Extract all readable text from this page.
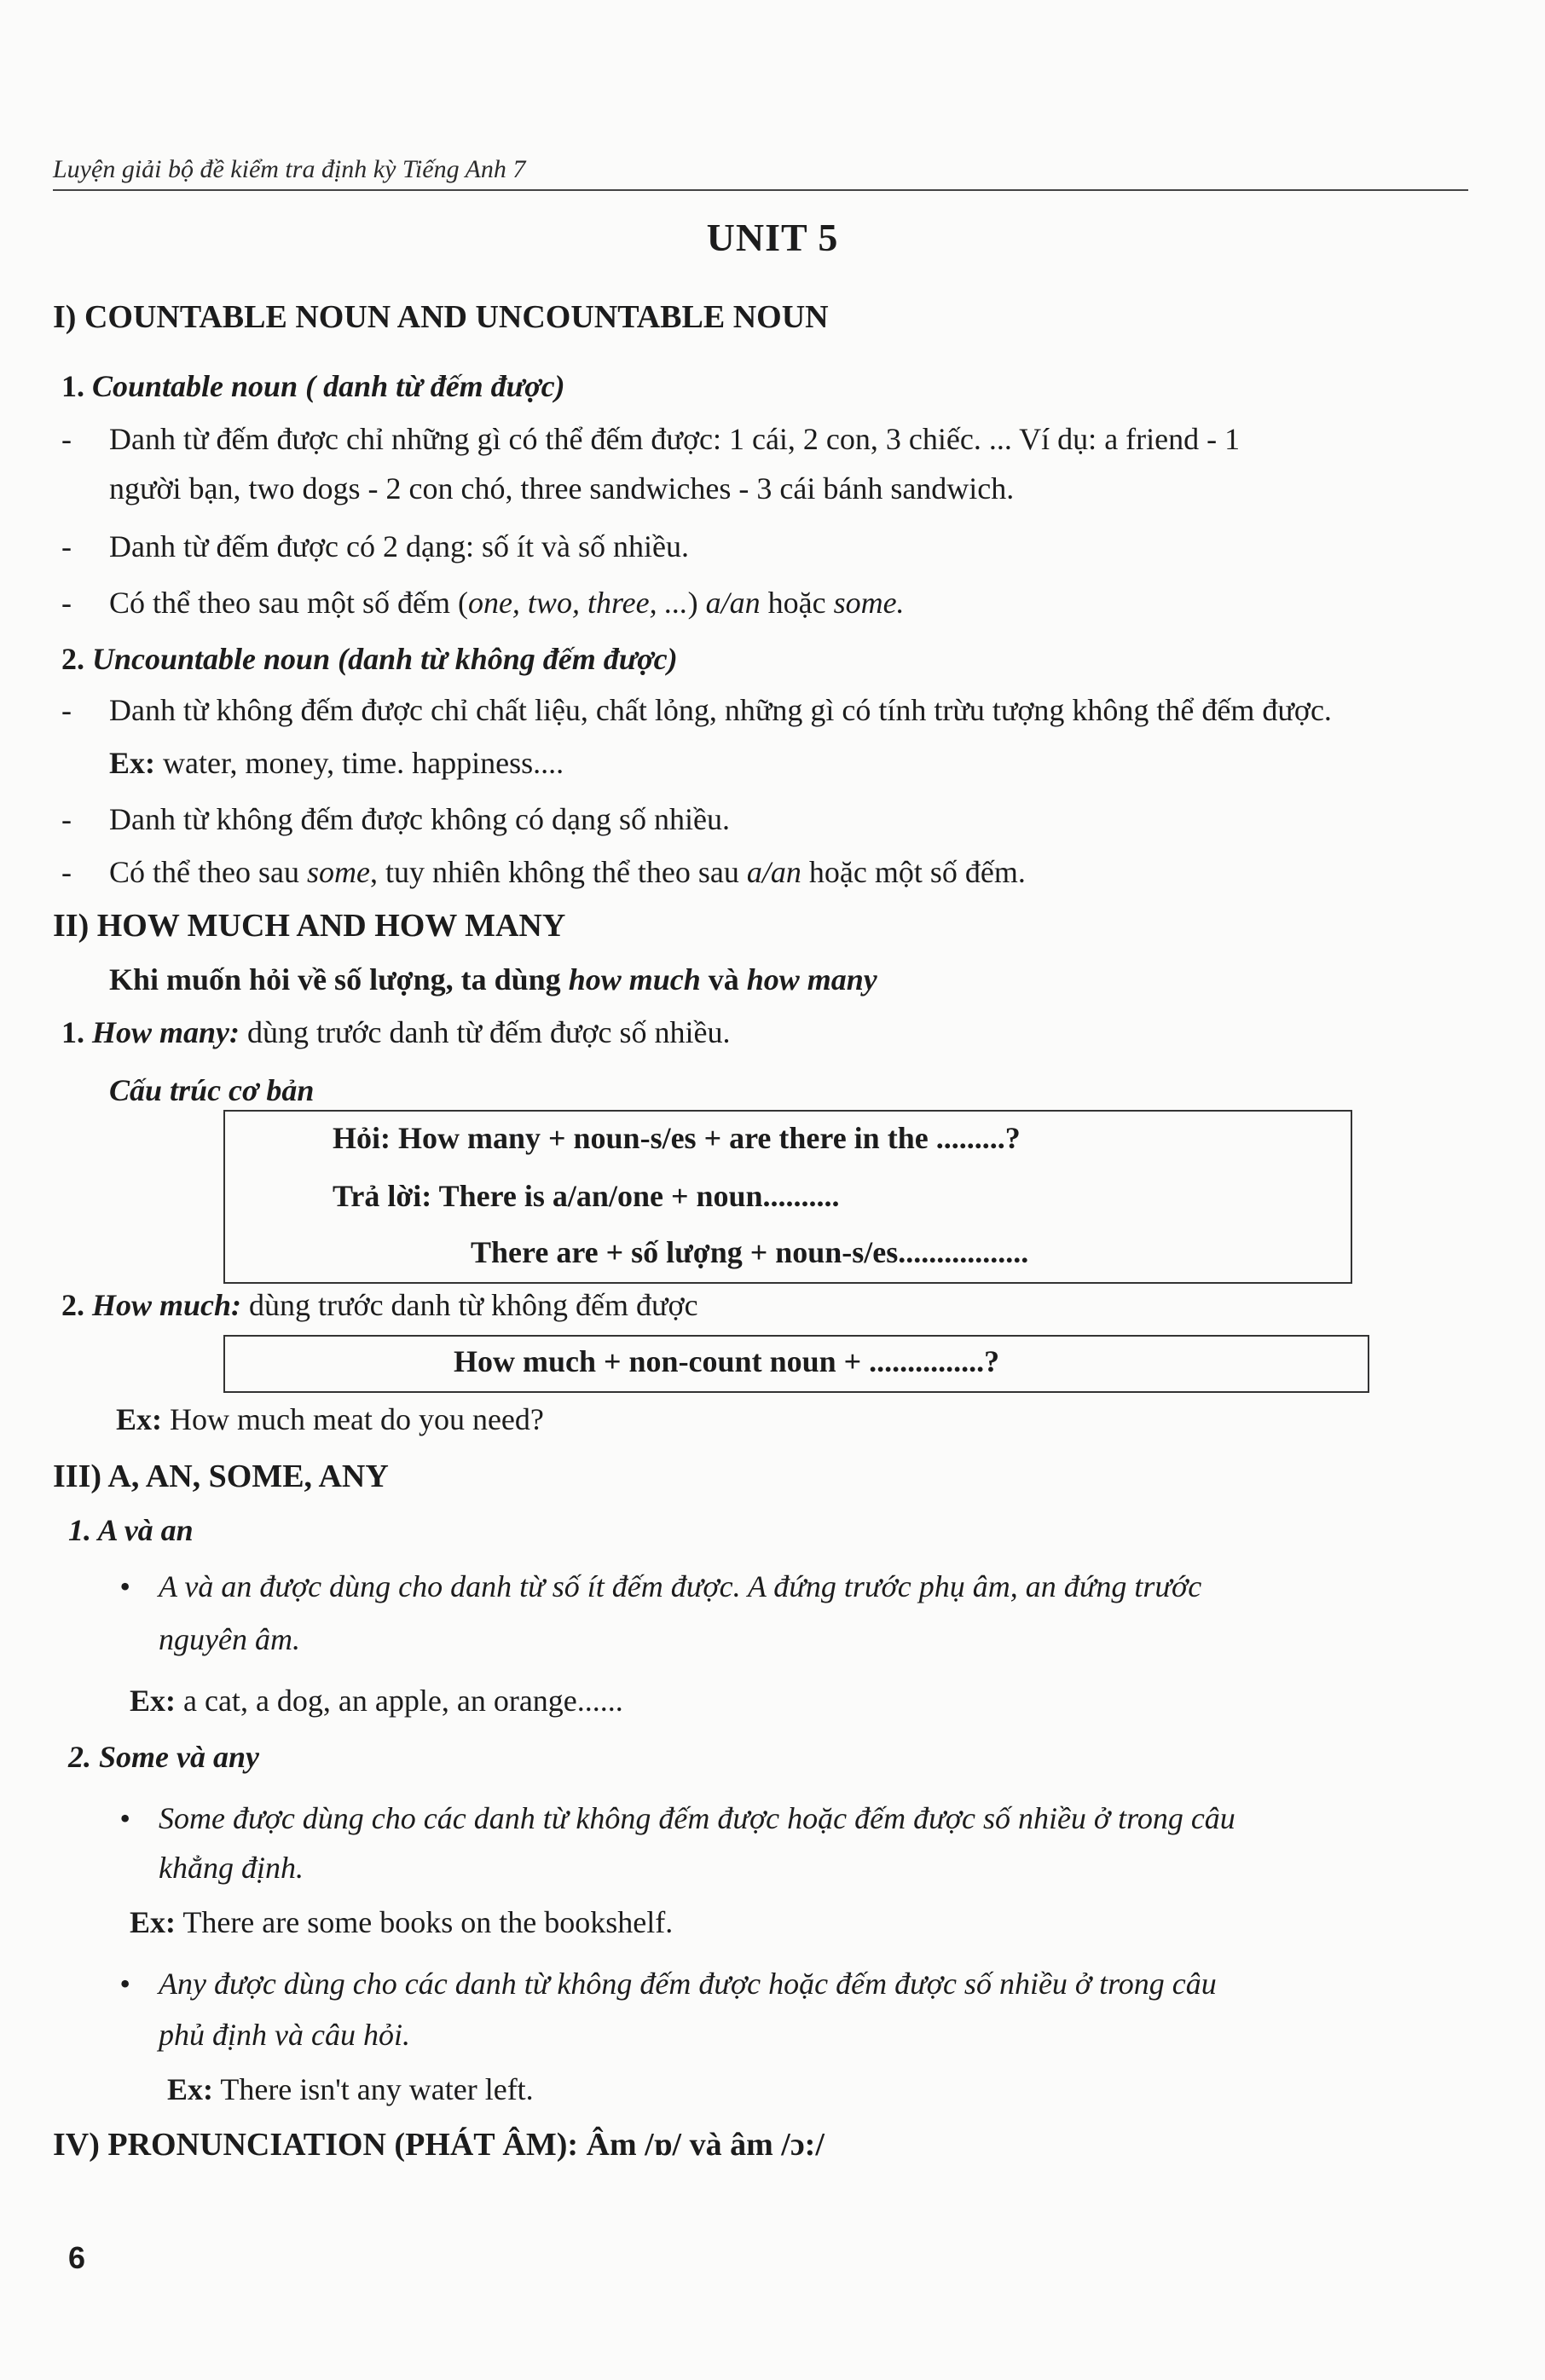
Luyện giải bộ đề kiểm tra định kỳ Tiếng Anh 7
UNIT 5
I) COUNTABLE NOUN AND UNCOUNTABLE NOUN
1. Countable noun ( danh từ đếm được)
- Danh từ đếm được chỉ những gì có thể đếm được: 1 cái, 2 con, 3 chiếc. ... Ví dụ: a friend - 1
người bạn, two dogs - 2 con chó, three sandwiches - 3 cái bánh sandwich.
- Danh từ đếm được có 2 dạng: số ít và số nhiều.
- Có thể theo sau một số đếm (one, two, three, ...) a/an hoặc some.
2. Uncountable noun (danh từ không đếm được)
- Danh từ không đếm được chỉ chất liệu, chất lỏng, những gì có tính trừu tượng không thể đếm được.
Ex: water, money, time. happiness....
- Danh từ không đếm được không có dạng số nhiều.
- Có thể theo sau some, tuy nhiên không thể theo sau a/an hoặc một số đếm.
II) HOW MUCH AND HOW MANY
Khi muốn hỏi về số lượng, ta dùng how much và how many
1. How many: dùng trước danh từ đếm được số nhiều.
Cấu trúc cơ bản
Hỏi: How many + noun-s/es + are there in the .........?
Trả lời: There is a/an/one + noun..........
There are + số lượng + noun-s/es.................
2. How much: dùng trước danh từ không đếm được
How much + non-count noun + ...............?
Ex: How much meat do you need?
III) A, AN, SOME, ANY
1. A và an
• A và an được dùng cho danh từ số ít đếm được. A đứng trước phụ âm, an đứng trước
nguyên âm.
Ex: a cat, a dog, an apple, an orange......
2. Some và any
• Some được dùng cho các danh từ không đếm được hoặc đếm được số nhiều ở trong câu
khẳng định.
Ex: There are some books on the bookshelf.
• Any được dùng cho các danh từ không đếm được hoặc đếm được số nhiều ở trong câu
phủ định và câu hỏi.
Ex: There isn't any water left.
IV) PRONUNCIATION (PHÁT ÂM): Âm /ɒ/ và âm /ɔ:/
6
